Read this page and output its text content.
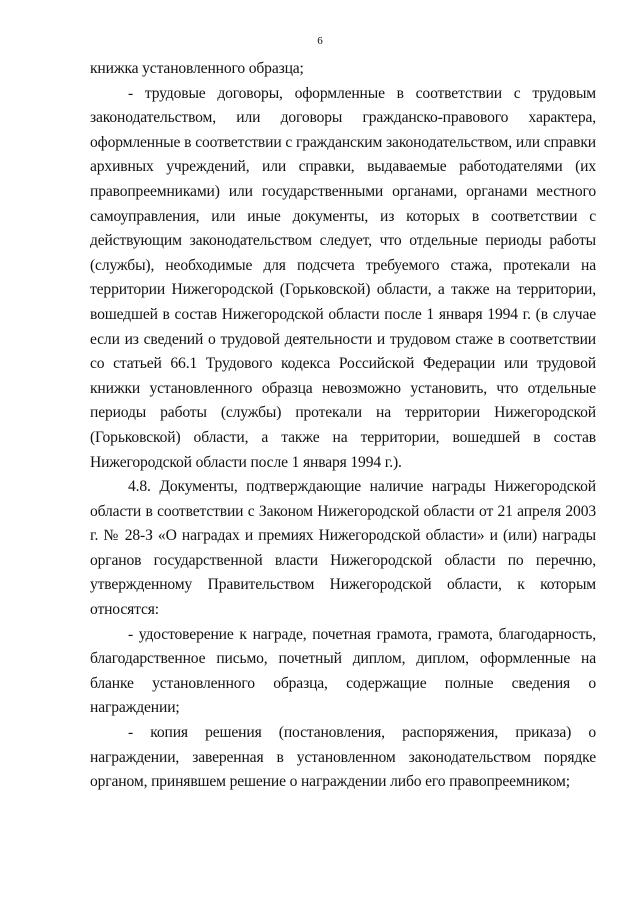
6

книжка установленного образца;

- трудовые договоры, оформленные в соответствии с трудовым законодательством, или договоры гражданско-правового характера, оформленные в соответствии с гражданским законодательством, или справки архивных учреждений, или справки, выдаваемые работодателями (их правопреемниками) или государственными органами, органами местного самоуправления, или иные документы, из которых в соответствии с действующим законодательством следует, что отдельные периоды работы (службы), необходимые для подсчета требуемого стажа, протекали на территории Нижегородской (Горьковской) области, а также на территории, вошедшей в состав Нижегородской области после 1 января 1994 г. (в случае если из сведений о трудовой деятельности и трудовом стаже в соответствии со статьей 66.1 Трудового кодекса Российской Федерации или трудовой книжки установленного образца невозможно установить, что отдельные периоды работы (службы) протекали на территории Нижегородской (Горьковской) области, а также на территории, вошедшей в состав Нижегородской области после 1 января 1994 г.).

4.8. Документы, подтверждающие наличие награды Нижегородской области в соответствии с Законом Нижегородской области от 21 апреля 2003 г. № 28-З «О наградах и премиях Нижегородской области» и (или) награды органов государственной власти Нижегородской области по перечню, утвержденному Правительством Нижегородской области, к которым относятся:

- удостоверение к награде, почетная грамота, грамота, благодарность, благодарственное письмо, почетный диплом, диплом, оформленные на бланке установленного образца, содержащие полные сведения о награждении;

- копия решения (постановления, распоряжения, приказа) о награждении, заверенная в установленном законодательством порядке органом, принявшем решение о награждении либо его правопреемником;
